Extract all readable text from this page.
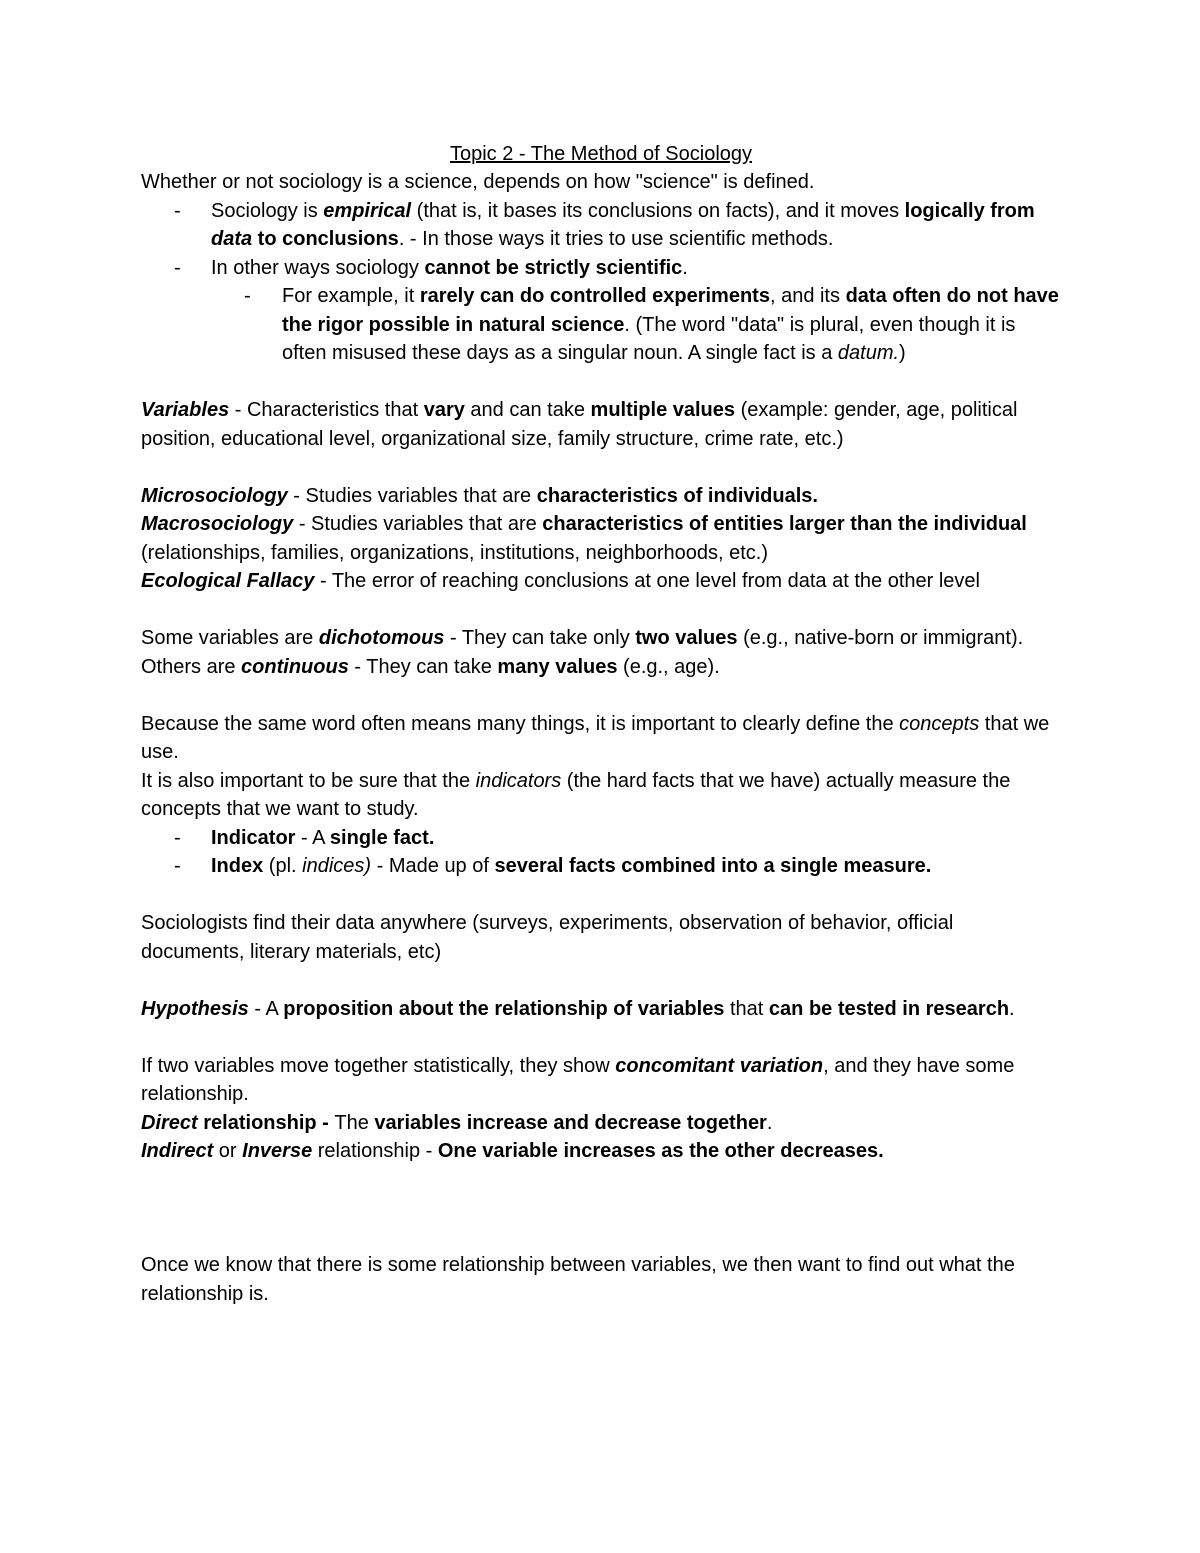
Topic 2 - The Method of Sociology

Whether or not sociology is a science, depends on how "science" is defined.

- Sociology is empirical (that is, it bases its conclusions on facts), and it moves logically from data to conclusions. - In those ways it tries to use scientific methods.

- In other ways sociology cannot be strictly scientific.

- For example, it rarely can do controlled experiments, and its data often do not have the rigor possible in natural science. (The word "data" is plural, even though it is often misused these days as a singular noun. A single fact is a datum.)

Variables - Characteristics that vary and can take multiple values (example: gender, age, political position, educational level, organizational size, family structure, crime rate, etc.)

Microsociology - Studies variables that are characteristics of individuals.

Macrosociology - Studies variables that are characteristics of entities larger than the individual (relationships, families, organizations, institutions, neighborhoods, etc.)

Ecological Fallacy - The error of reaching conclusions at one level from data at the other level

Some variables are dichotomous - They can take only two values (e.g., native-born or immigrant).

Others are continuous - They can take many values (e.g., age).

Because the same word often means many things, it is important to clearly define the concepts that we use.

It is also important to be sure that the indicators (the hard facts that we have) actually measure the concepts that we want to study.

- Indicator - A single fact.

- Index (pl. indices) - Made up of several facts combined into a single measure.

Sociologists find their data anywhere (surveys, experiments, observation of behavior, official documents, literary materials, etc)

Hypothesis - A proposition about the relationship of variables that can be tested in research.

If two variables move together statistically, they show concomitant variation, and they have some relationship.

Direct relationship - The variables increase and decrease together.

Indirect or Inverse relationship - One variable increases as the other decreases.

Once we know that there is some relationship between variables, we then want to find out what the relationship is.
